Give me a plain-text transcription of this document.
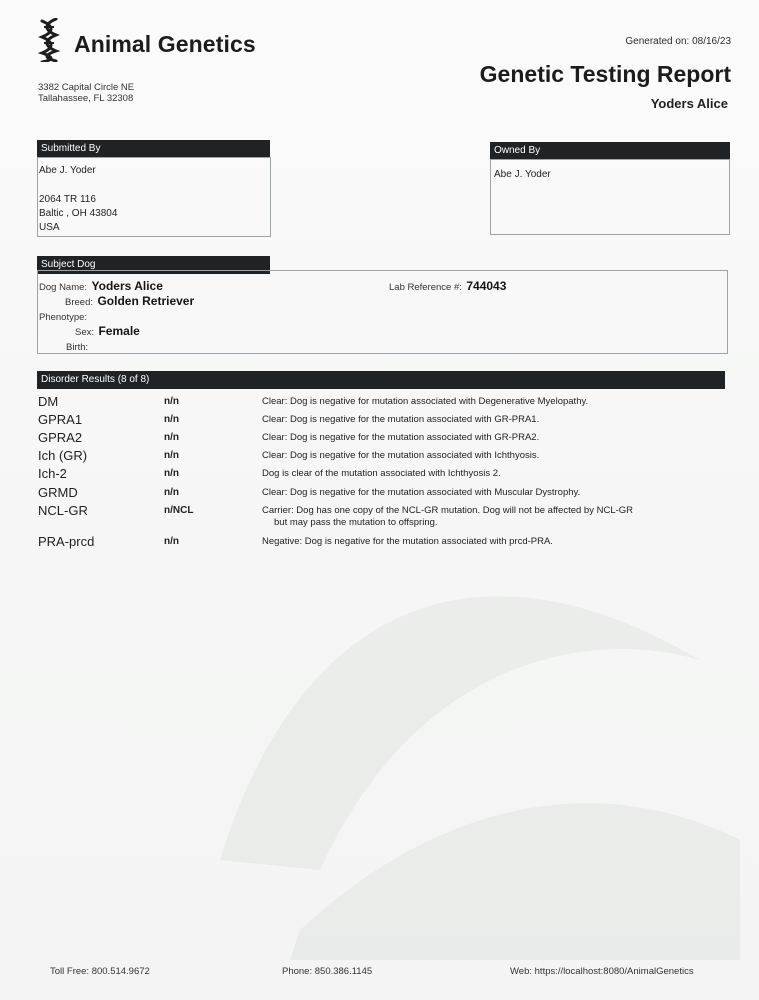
Animal Genetics	Generated on: 08/16/23
Genetic Testing Report
Yoders Alice
3382 Capital Circle NE
Tallahassee, FL 32308
Submitted By
Abe J. Yoder
2064 TR 116
Baltic , OH 43804
USA
Owned By
Abe J. Yoder
Subject Dog
Dog Name: Yoders Alice
Breed: Golden Retriever
Phenotype:
Sex: Female
Birth:
Lab Reference #: 744043
Disorder Results (8 of 8)
DM	n/n	Clear: Dog is negative for mutation associated with Degenerative Myelopathy.
GPRA1	n/n	Clear: Dog is negative for the mutation associated with GR-PRA1.
GPRA2	n/n	Clear: Dog is negative for the mutation associated with GR-PRA2.
Ich (GR)	n/n	Clear: Dog is negative for the mutation associated with Ichthyosis.
Ich-2	n/n	Dog is clear of the mutation associated with Ichthyosis 2.
GRMD	n/n	Clear: Dog is negative for the mutation associated with Muscular Dystrophy.
NCL-GR	n/NCL	Carrier: Dog has one copy of the NCL-GR mutation. Dog will not be affected by NCL-GR
but may pass the mutation to offspring.
PRA-prcd	n/n	Negative: Dog is negative for the mutation associated with prcd-PRA.
Toll Free: 800.514.9672	Phone: 850.386.1145	Web: https://localhost:8080/AnimalGenetics
